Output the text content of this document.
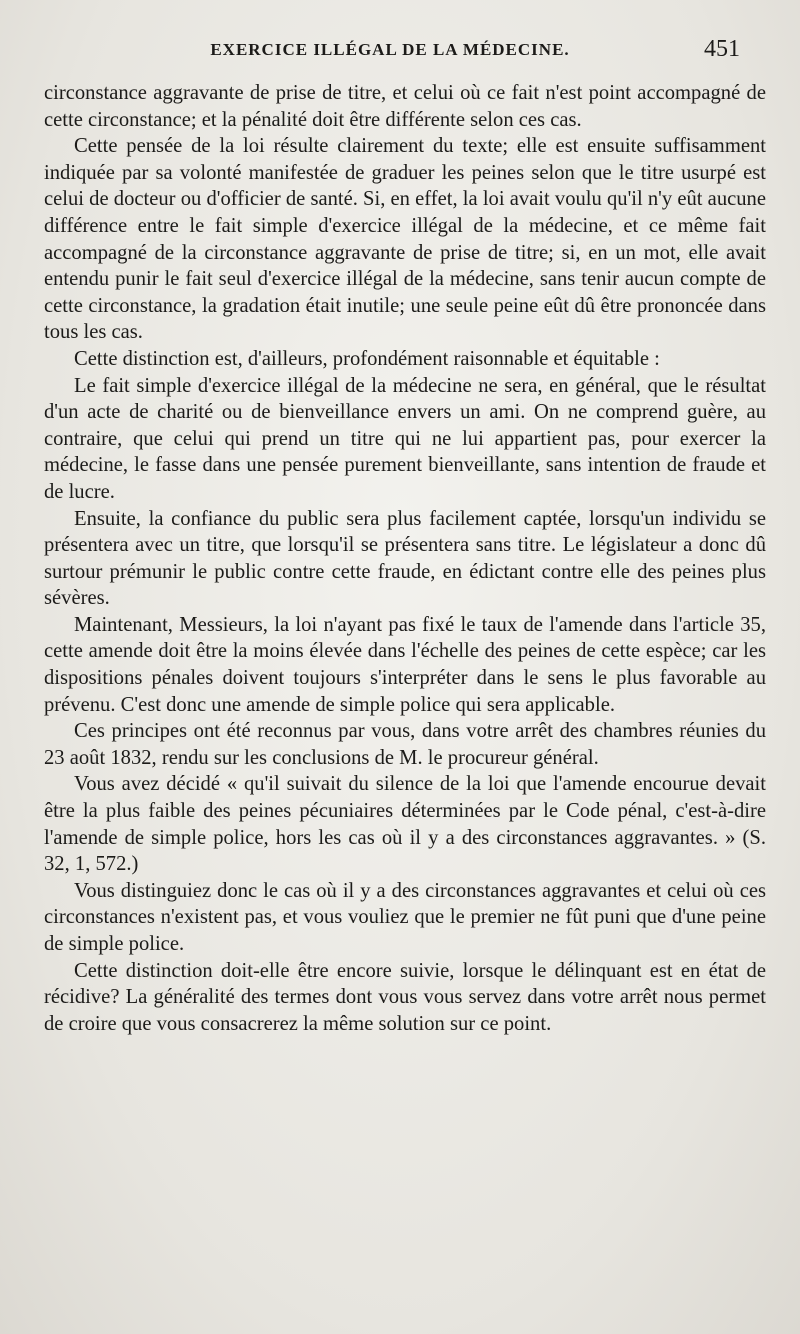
EXERCICE ILLÉGAL DE LA MÉDECINE.	451

circonstance aggravante de prise de titre, et celui où ce fait n'est point accompagné de cette circonstance; et la pénalité doit être différente selon ces cas.

Cette pensée de la loi résulte clairement du texte; elle est ensuite suffisamment indiquée par sa volonté manifestée de graduer les peines selon que le titre usurpé est celui de docteur ou d'officier de santé. Si, en effet, la loi avait voulu qu'il n'y eût aucune différence entre le fait simple d'exercice illégal de la médecine, et ce même fait accompagné de la circonstance aggravante de prise de titre; si, en un mot, elle avait entendu punir le fait seul d'exercice illégal de la médecine, sans tenir aucun compte de cette circonstance, la gradation était inutile; une seule peine eût dû être prononcée dans tous les cas.

Cette distinction est, d'ailleurs, profondément raisonnable et équitable :

Le fait simple d'exercice illégal de la médecine ne sera, en général, que le résultat d'un acte de charité ou de bienveillance envers un ami. On ne comprend guère, au contraire, que celui qui prend un titre qui ne lui appartient pas, pour exercer la médecine, le fasse dans une pensée purement bienveillante, sans intention de fraude et de lucre.

Ensuite, la confiance du public sera plus facilement captée, lorsqu'un individu se présentera avec un titre, que lorsqu'il se présentera sans titre. Le législateur a donc dû surtour prémunir le public contre cette fraude, en édictant contre elle des peines plus sévères.

Maintenant, Messieurs, la loi n'ayant pas fixé le taux de l'amende dans l'article 35, cette amende doit être la moins élevée dans l'échelle des peines de cette espèce; car les dispositions pénales doivent toujours s'interpréter dans le sens le plus favorable au prévenu. C'est donc une amende de simple police qui sera applicable.

Ces principes ont été reconnus par vous, dans votre arrêt des chambres réunies du 23 août 1832, rendu sur les conclusions de M. le procureur général.

Vous avez décidé « qu'il suivait du silence de la loi que l'amende encourue devait être la plus faible des peines pécuniaires déterminées par le Code pénal, c'est-à-dire l'amende de simple police, hors les cas où il y a des circonstances aggravantes. » (S. 32, 1, 572.)

Vous distinguiez donc le cas où il y a des circonstances aggravantes et celui où ces circonstances n'existent pas, et vous vouliez que le premier ne fût puni que d'une peine de simple police.

Cette distinction doit-elle être encore suivie, lorsque le délinquant est en état de récidive? La généralité des termes dont vous vous servez dans votre arrêt nous permet de croire que vous consacrerez la même solution sur ce point.
